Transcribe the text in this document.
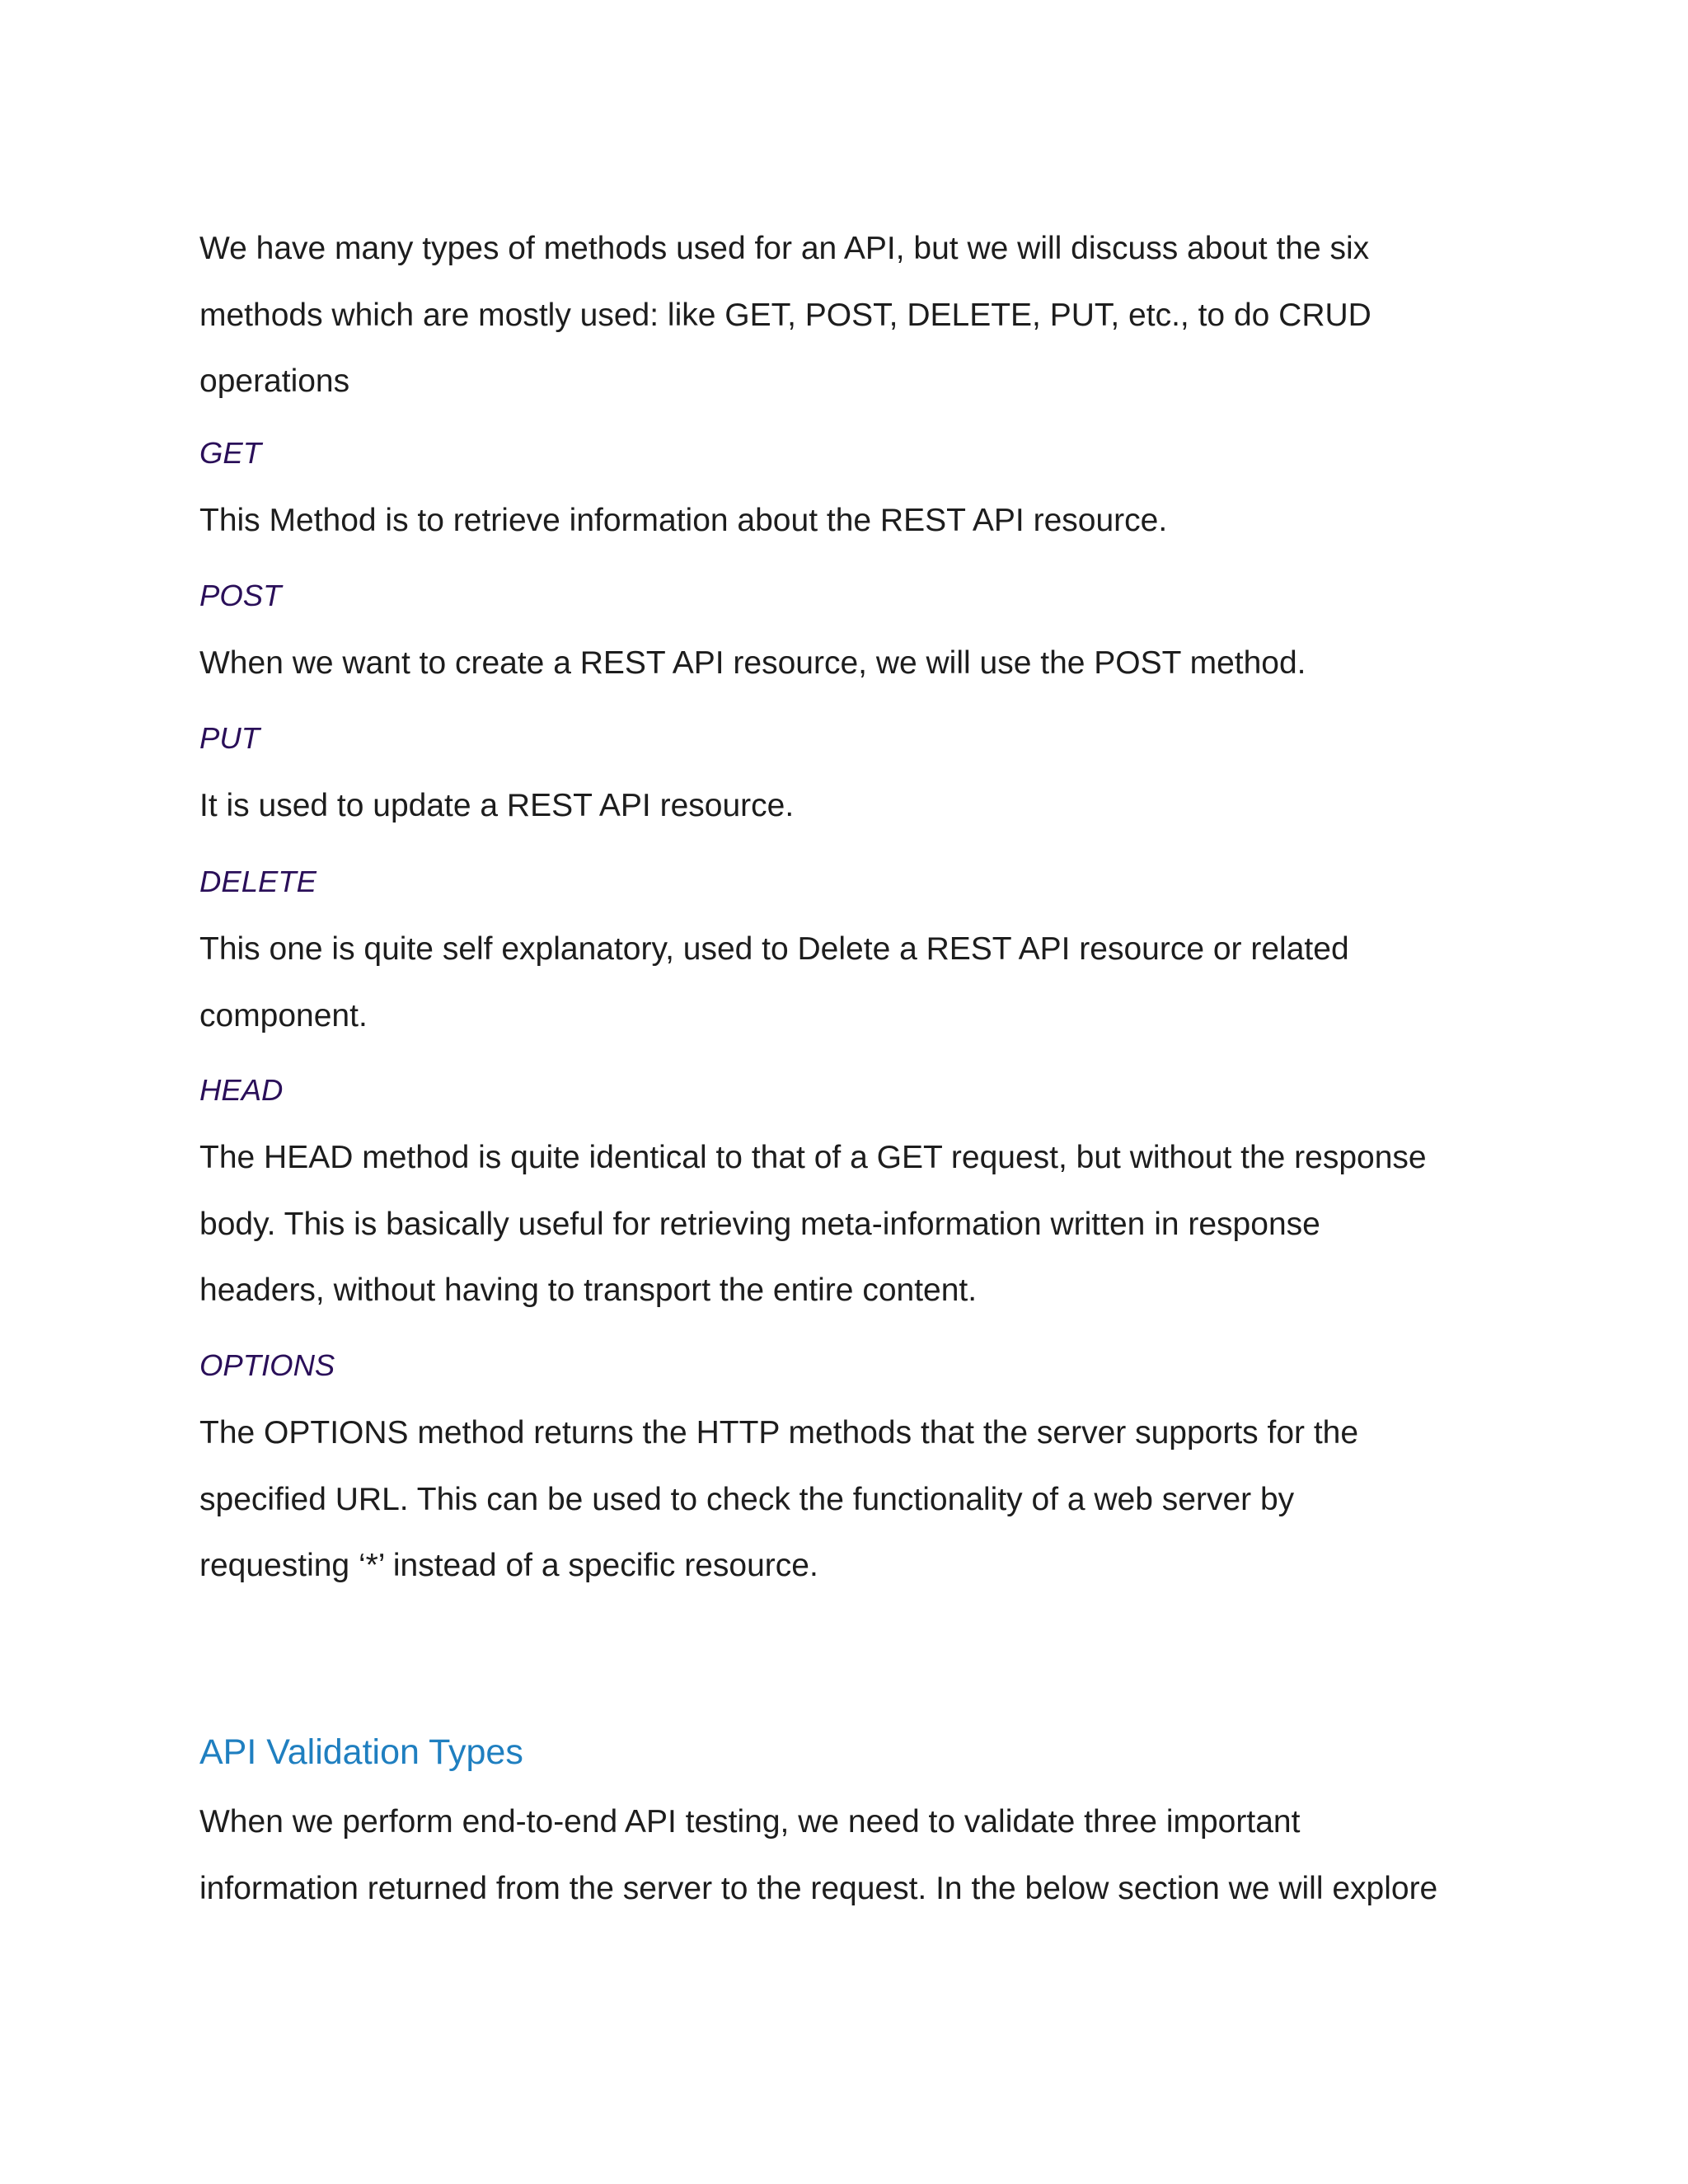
We have many types of methods used for an API, but we will discuss about the six
methods which are mostly used: like GET, POST, DELETE, PUT, etc., to do CRUD
operations
GET
This Method is to retrieve information about the REST API resource.
POST
When we want to create a REST API resource, we will use the POST method.
PUT
It is used to update a REST API resource.
DELETE
This one is quite self explanatory, used to Delete a REST API resource or related
component.
HEAD
The HEAD method is quite identical to that of a GET request, but without the response
body. This is basically useful for retrieving meta-information written in response
headers, without having to transport the entire content.
OPTIONS
The OPTIONS method returns the HTTP methods that the server supports for the
specified URL. This can be used to check the functionality of a web server by
requesting ‘*’ instead of a specific resource.
API Validation Types
When we perform end-to-end API testing, we need to validate three important
information returned from the server to the request. In the below section we will explore
